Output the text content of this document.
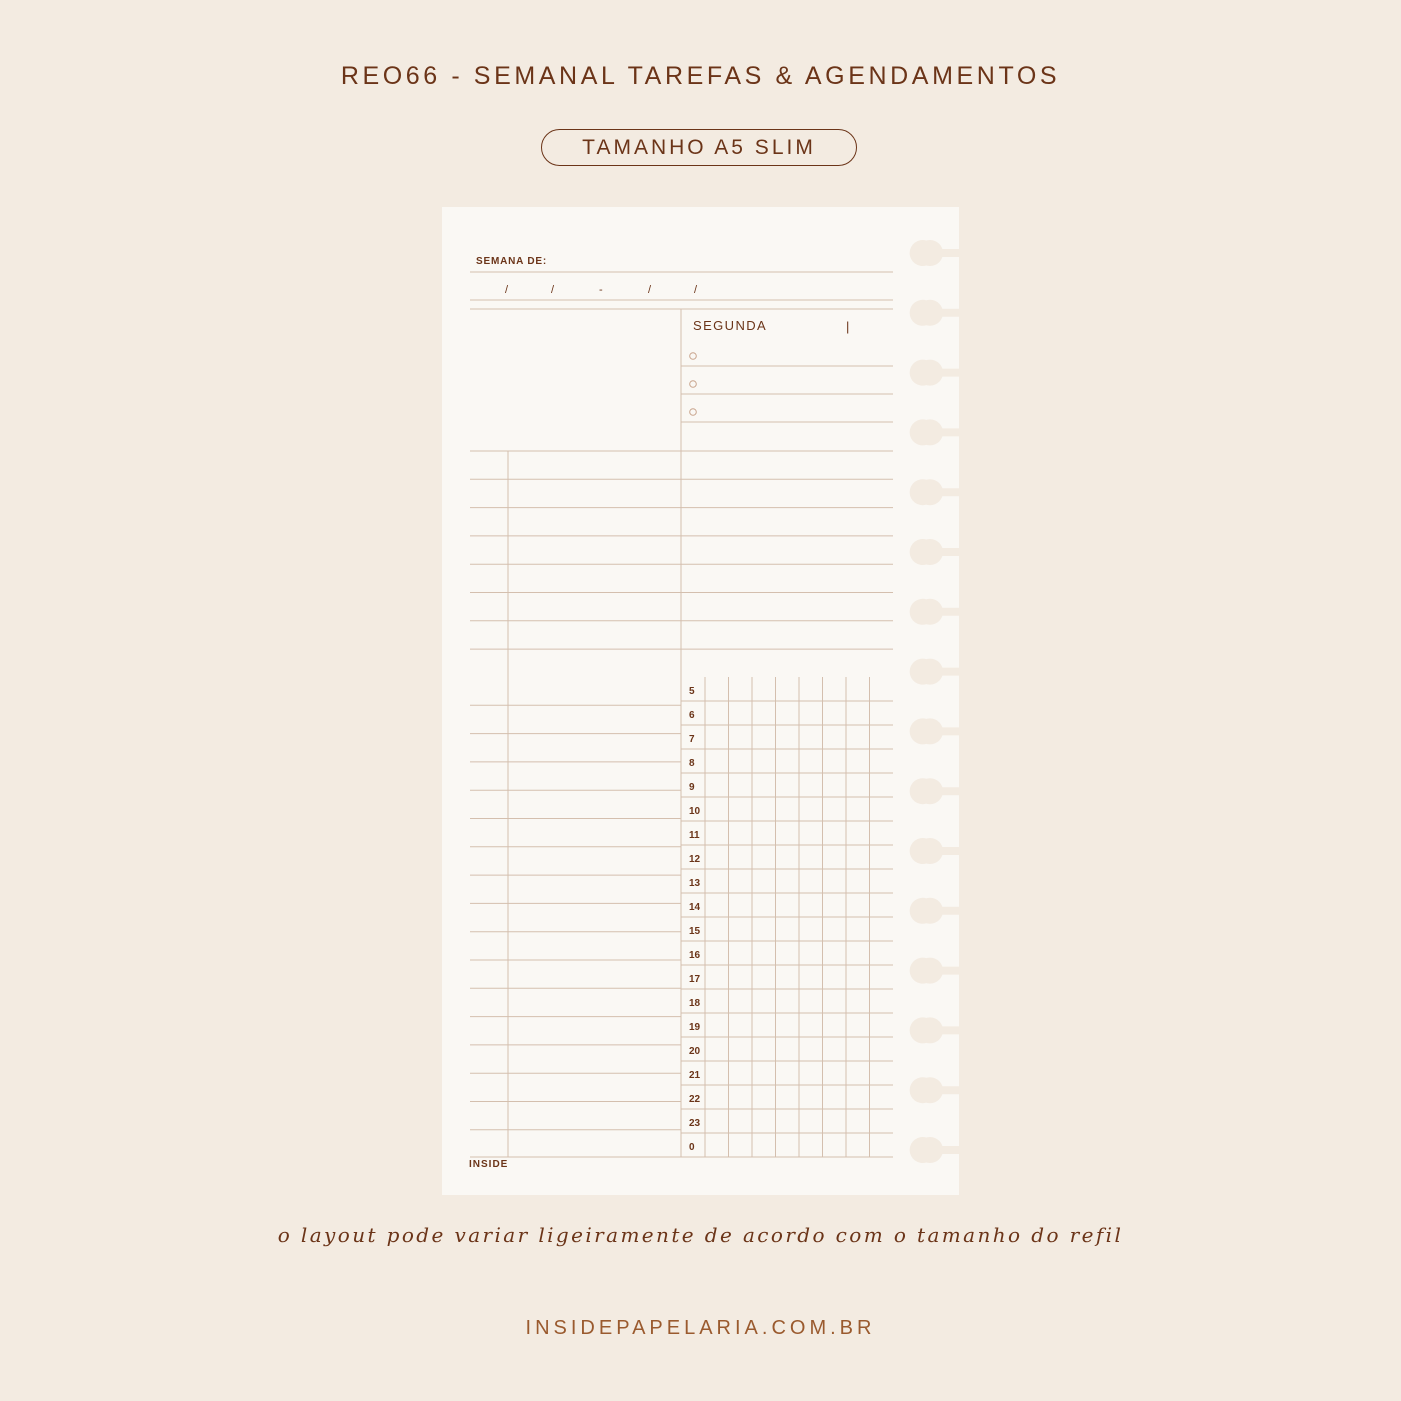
REO66 - SEMANAL TAREFAS & AGENDAMENTOS
TAMANHO A5 SLIM
SEMANA DE:
/	/	-	/	/
SEGUNDA	|
5
6
7
8
9
10
11
12
13
14
15
16
17
18
19
20
21
22
23
0
INSIDE
o layout pode variar ligeiramente de acordo com o tamanho do refil
INSIDEPAPELARIA.COM.BR
